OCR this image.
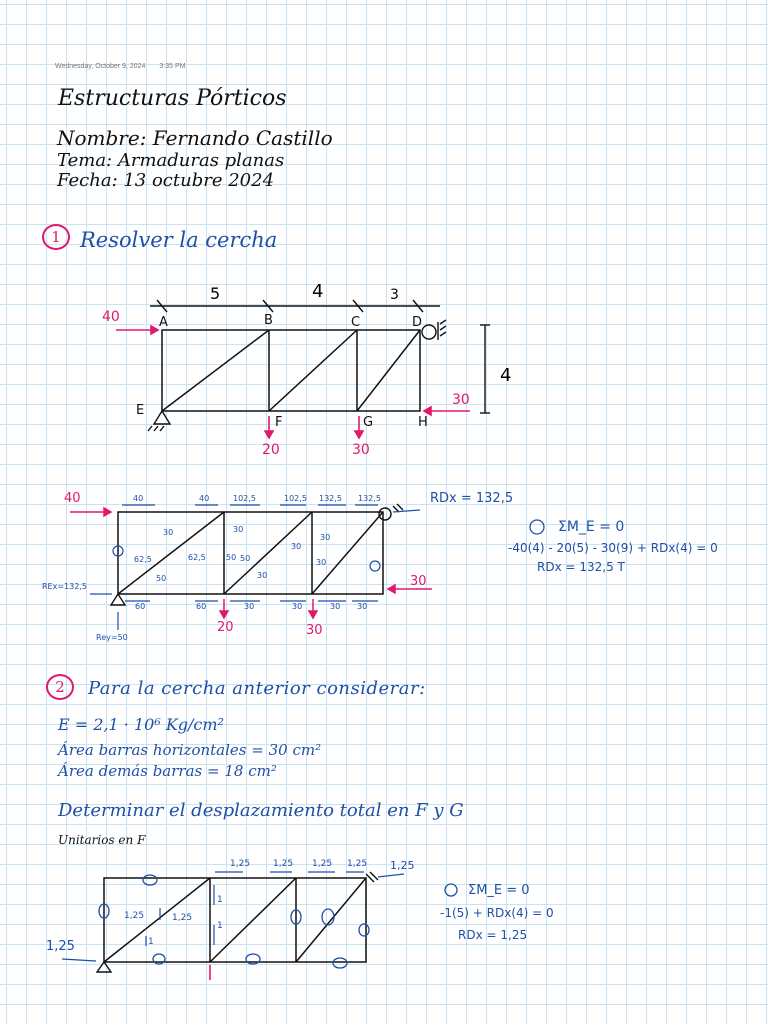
Wednesday, October 9, 2024 3:35 PM
Estructuras Pórticos
Nombre: Fernando Castillo
Tema: Armaduras planas
Fecha: 13 octubre 2024
1 Resolver la cercha
5	4	3
4
A	B	C	D
E
F	G	H
40
20	30
30
40	40	102,5	102,5 132,5 132,5
60	60	30	30	30 30
62,5	62,5
30
50
50 50
30
30
30
30
30
REx=132,5
Rey=50
RDx = 132,5
40
30
20	30
ΣM_E = 0
-40(4) - 20(5) - 30(9) + RDx(4) = 0
RDx = 132,5 T
1,25	1,25 1,25 1,25
1,25	1,25
1
1
1
1,25
1,25
ΣM_E = 0
-1(5) + RDx(4) = 0
RDx = 1,25
2	Para la cercha anterior considerar:
E = 2,1 · 10⁶ Kg/cm²
Área barras horizontales = 30 cm²
Área demás barras = 18 cm²
Determinar el desplazamiento total en F y G
Unitarios en F
